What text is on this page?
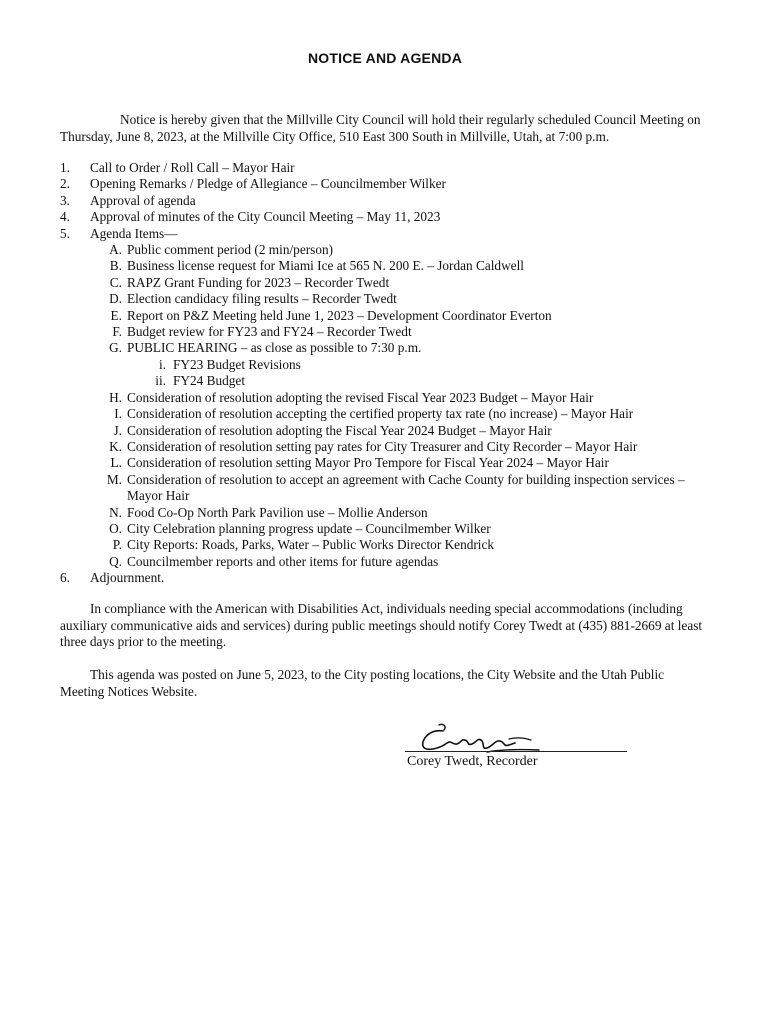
NOTICE AND AGENDA
Notice is hereby given that the Millville City Council will hold their regularly scheduled Council Meeting on Thursday, June 8, 2023, at the Millville City Office, 510 East 300 South in Millville, Utah, at 7:00 p.m.
1. Call to Order / Roll Call – Mayor Hair
2. Opening Remarks / Pledge of Allegiance – Councilmember Wilker
3. Approval of agenda
4. Approval of minutes of the City Council Meeting – May 11, 2023
5. Agenda Items—
A. Public comment period (2 min/person)
B. Business license request for Miami Ice at 565 N. 200 E. – Jordan Caldwell
C. RAPZ Grant Funding for 2023 – Recorder Twedt
D. Election candidacy filing results – Recorder Twedt
E. Report on P&Z Meeting held June 1, 2023 – Development Coordinator Everton
F. Budget review for FY23 and FY24 – Recorder Twedt
G. PUBLIC HEARING – as close as possible to 7:30 p.m.
i. FY23 Budget Revisions
ii. FY24 Budget
H. Consideration of resolution adopting the revised Fiscal Year 2023 Budget – Mayor Hair
I. Consideration of resolution accepting the certified property tax rate (no increase) – Mayor Hair
J. Consideration of resolution adopting the Fiscal Year 2024 Budget – Mayor Hair
K. Consideration of resolution setting pay rates for City Treasurer and City Recorder – Mayor Hair
L. Consideration of resolution setting Mayor Pro Tempore for Fiscal Year 2024 – Mayor Hair
M. Consideration of resolution to accept an agreement with Cache County for building inspection services –
Mayor Hair
N. Food Co-Op North Park Pavilion use – Mollie Anderson
O. City Celebration planning progress update – Councilmember Wilker
P. City Reports: Roads, Parks, Water – Public Works Director Kendrick
Q. Councilmember reports and other items for future agendas
6. Adjournment.
In compliance with the American with Disabilities Act, individuals needing special accommodations (including auxiliary communicative aids and services) during public meetings should notify Corey Twedt at (435) 881-2669 at least three days prior to the meeting.
This agenda was posted on June 5, 2023, to the City posting locations, the City Website and the Utah Public Meeting Notices Website.
Corey Twedt, Recorder
